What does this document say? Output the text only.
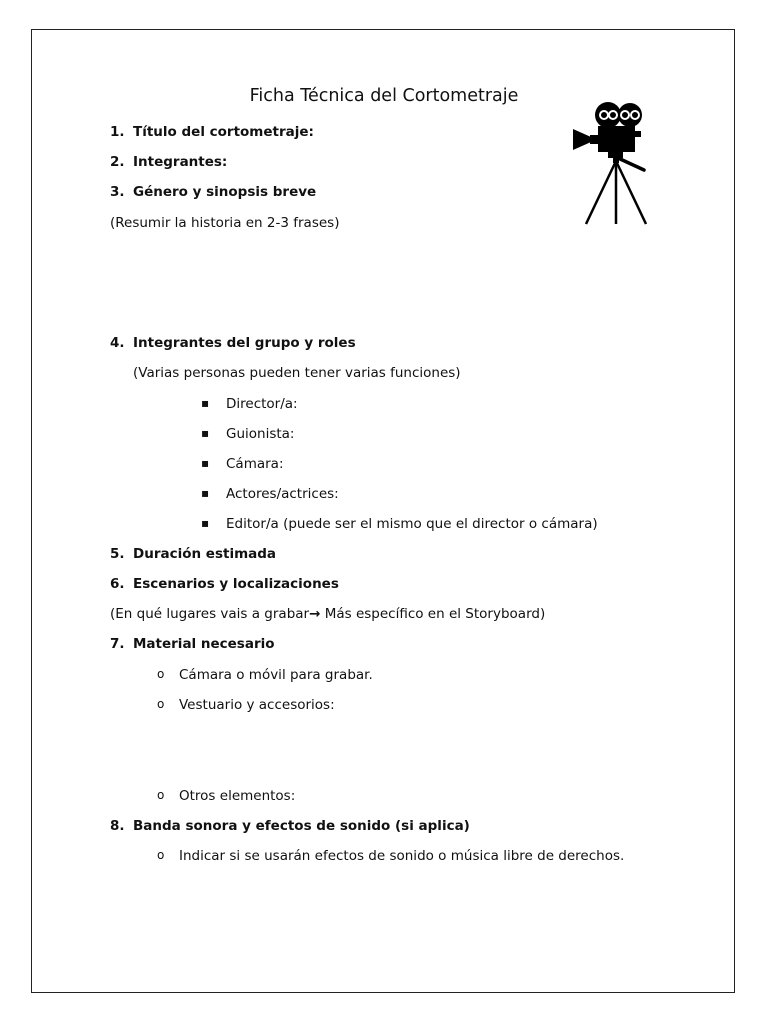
Ficha Técnica del Cortometraje
1. Título del cortometraje:
2. Integrantes:
3. Género y sinopsis breve
(Resumir la historia en 2-3 frases)
4. Integrantes del grupo y roles
(Varias personas pueden tener varias funciones)
▪ Director/a:
▪ Guionista:
▪ Cámara:
▪ Actores/actrices:
▪ Editor/a (puede ser el mismo que el director o cámara)
5. Duración estimada
6. Escenarios y localizaciones
(En qué lugares vais a grabar→ Más específico en el Storyboard)
7. Material necesario
o Cámara o móvil para grabar.
o Vestuario y accesorios:
o Otros elementos:
8. Banda sonora y efectos de sonido (si aplica)
o Indicar si se usarán efectos de sonido o música libre de derechos.
